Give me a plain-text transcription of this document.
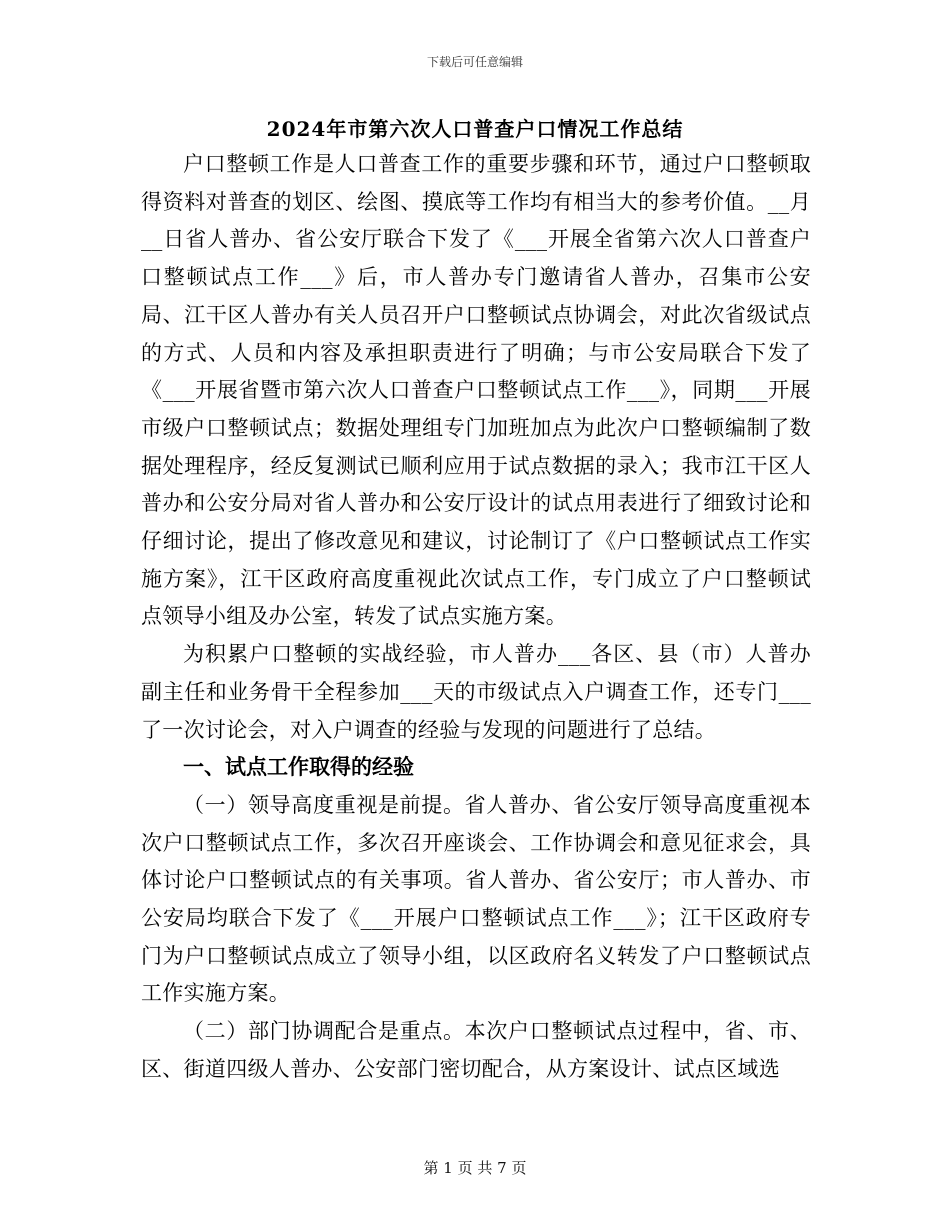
下载后可任意编辑
2024年市第六次人口普查户口情况工作总结

户口整顿工作是人口普查工作的重要步骤和环节，通过户口整顿取得资料对普查的划区、绘图、摸底等工作均有相当大的参考价值。__月__日省人普办、省公安厅联合下发了《___开展全省第六次人口普查户口整顿试点工作___》后，市人普办专门邀请省人普办，召集市公安局、江干区人普办有关人员召开户口整顿试点协调会，对此次省级试点的方式、人员和内容及承担职责进行了明确；与市公安局联合下发了《___开展省暨市第六次人口普查户口整顿试点工作___》，同期___开展市级户口整顿试点；数据处理组专门加班加点为此次户口整顿编制了数据处理程序，经反复测试已顺利应用于试点数据的录入；我市江干区人普办和公安分局对省人普办和公安厅设计的试点用表进行了细致讨论和仔细讨论，提出了修改意见和建议，讨论制订了《户口整顿试点工作实施方案》，江干区政府高度重视此次试点工作，专门成立了户口整顿试点领导小组及办公室，转发了试点实施方案。

为积累户口整顿的实战经验，市人普办___各区、县（市）人普办副主任和业务骨干全程参加___天的市级试点入户调查工作，还专门___了一次讨论会，对入户调查的经验与发现的问题进行了总结。

一、试点工作取得的经验

（一）领导高度重视是前提。省人普办、省公安厅领导高度重视本次户口整顿试点工作，多次召开座谈会、工作协调会和意见征求会，具体讨论户口整顿试点的有关事项。省人普办、省公安厅；市人普办、市公安局均联合下发了《___开展户口整顿试点工作___》；江干区政府专门为户口整顿试点成立了领导小组，以区政府名义转发了户口整顿试点工作实施方案。

（二）部门协调配合是重点。本次户口整顿试点过程中，省、市、区、街道四级人普办、公安部门密切配合，从方案设计、试点区域选

第 1 页 共 7 页
